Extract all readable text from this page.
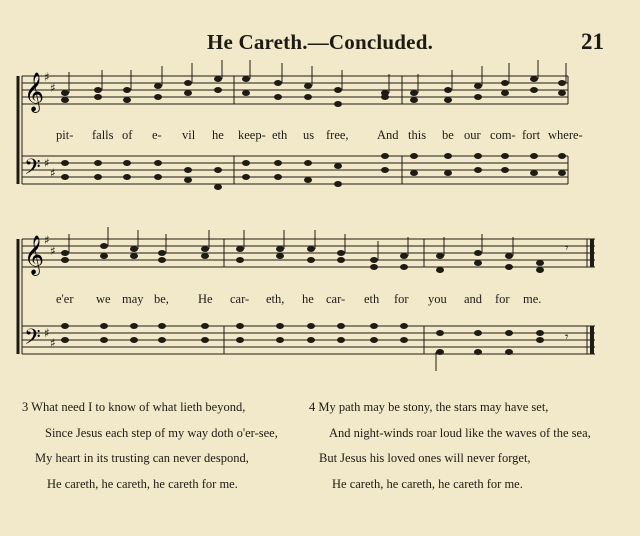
He Careth.—Concluded.	21
𝄞
𝄢
♯
♯
♯
♯
𝄞
𝄢
♯
♯
♯
♯
𝄾
𝄾
pit- falls of e- vil he keep- eth us free, And this be our com- fort where-
e'er we may be, He car- eth, he car- eth for you and for me.
3 What need I to know of what lieth beyond,
Since Jesus each step of my way doth o'er-see,
My heart in its trusting can never despond,
He careth, he careth, he careth for me.
4 My path may be stony, the stars may have set,
And night-winds roar loud like the waves of the sea,
But Jesus his loved ones will never forget,
He careth, he careth, he careth for me.
